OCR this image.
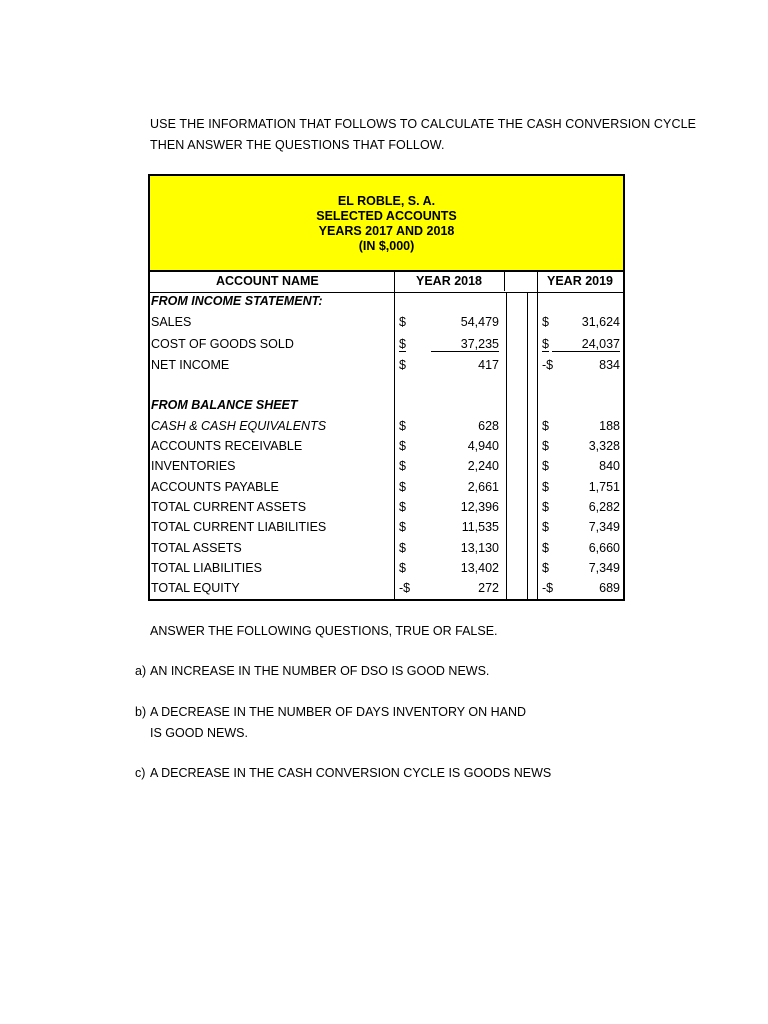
USE THE INFORMATION THAT FOLLOWS TO CALCULATE THE CASH CONVERSION CYCLE
THEN ANSWER THE QUESTIONS THAT FOLLOW.
EL ROBLE, S. A.
SELECTED ACCOUNTS
YEARS 2017 AND 2018
(IN $,000)
ACCOUNT NAME	YEAR 2018	YEAR 2019
FROM INCOME STATEMENT:
SALES	$	54,479	$	31,624
COST OF GOODS SOLD	$	37,235	$	24,037
NET INCOME	$	417	-$	834
FROM BALANCE SHEET
CASH & CASH EQUIVALENTS	$	628	$	188
ACCOUNTS RECEIVABLE	$	4,940	$	3,328
INVENTORIES	$	2,240	$	840
ACCOUNTS PAYABLE	$	2,661	$	1,751
TOTAL CURRENT ASSETS	$	12,396	$	6,282
TOTAL CURRENT LIABILITIES	$	11,535	$	7,349
TOTAL ASSETS	$	13,130	$	6,660
TOTAL LIABILITIES	$	13,402	$	7,349
TOTAL EQUITY	-$	272	-$	689
ANSWER THE FOLLOWING QUESTIONS, TRUE OR FALSE.
a) AN INCREASE IN THE NUMBER OF DSO IS GOOD NEWS.
b) A DECREASE IN THE NUMBER OF DAYS INVENTORY ON HAND
IS GOOD NEWS.
c) A DECREASE IN THE CASH CONVERSION CYCLE IS GOODS NEWS
